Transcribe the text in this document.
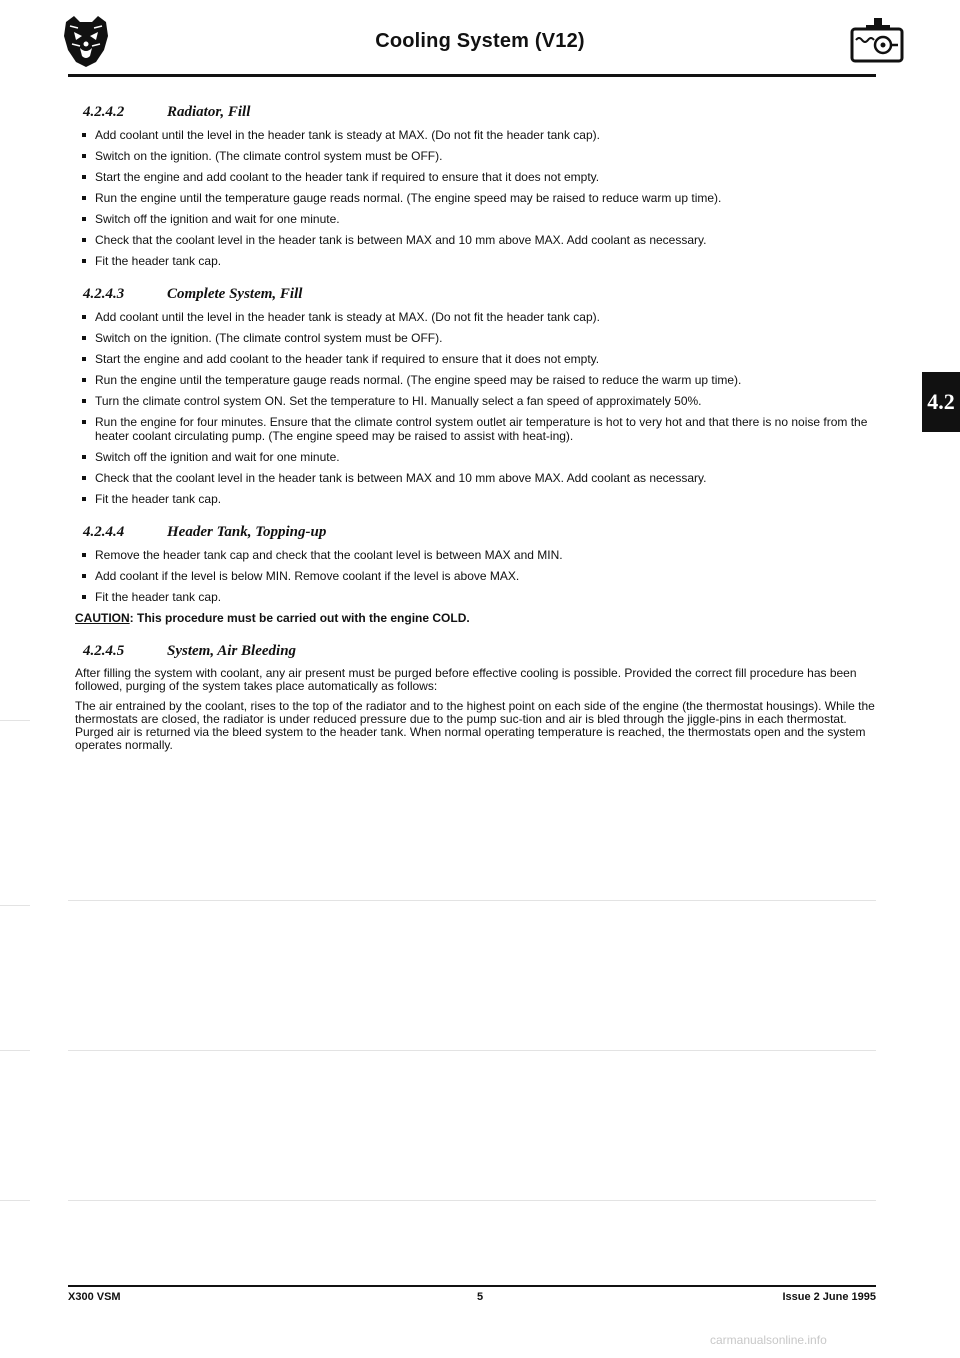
Cooling System (V12)
4.2
4.2.4.2	Radiator, Fill
Add coolant until the level in the header tank is steady at MAX. (Do not fit the header tank cap).
Switch on the ignition. (The climate control system must be OFF).
Start the engine and add coolant to the header tank if required to ensure that it does not empty.
Run the engine until the temperature gauge reads normal. (The engine speed may be raised to reduce warm up time).
Switch off the ignition and wait for one minute.
Check that the coolant level in the header tank is between MAX and 10 mm above MAX. Add coolant as necessary.
Fit the header tank cap.
4.2.4.3	Complete System, Fill
Add coolant until the level in the header tank is steady at MAX. (Do not fit the header tank cap).
Switch on the ignition. (The climate control system must be OFF).
Start the engine and add coolant to the header tank if required to ensure that it does not empty.
Run the engine until the temperature gauge reads normal. (The engine speed may be raised to reduce the warm up time).
Turn the climate control system ON. Set the temperature to HI. Manually select a fan speed of approximately 50%.
Run the engine for four minutes. Ensure that the climate control system outlet air temperature is hot to very hot and that there is no noise from the heater coolant circulating pump. (The engine speed may be raised to assist with heat-ing).
Switch off the ignition and wait for one minute.
Check that the coolant level in the header tank is between MAX and 10 mm above MAX. Add coolant as necessary.
Fit the header tank cap.
4.2.4.4	Header Tank, Topping-up
Remove the header tank cap and check that the coolant level is between MAX and MIN.
Add coolant if the level is below MIN. Remove coolant if the level is above MAX.
Fit the header tank cap.
CAUTION: This procedure must be carried out with the engine COLD.
4.2.4.5	System, Air Bleeding

After filling the system with coolant, any air present must be purged before effective cooling is possible. Provided the correct fill procedure has been followed, purging of the system takes place automatically as follows:

The air entrained by the coolant, rises to the top of the radiator and to the highest point on each side of the engine (the thermostat housings). While the thermostats are closed, the radiator is under reduced pressure due to the pump suc-tion and air is bled through the jiggle-pins in each thermostat. Purged air is returned via the bleed system to the header tank. When normal operating temperature is reached, the thermostats open and the system operates normally.

X300 VSM	5	Issue 2 June 1995
carmanualsonline.info
